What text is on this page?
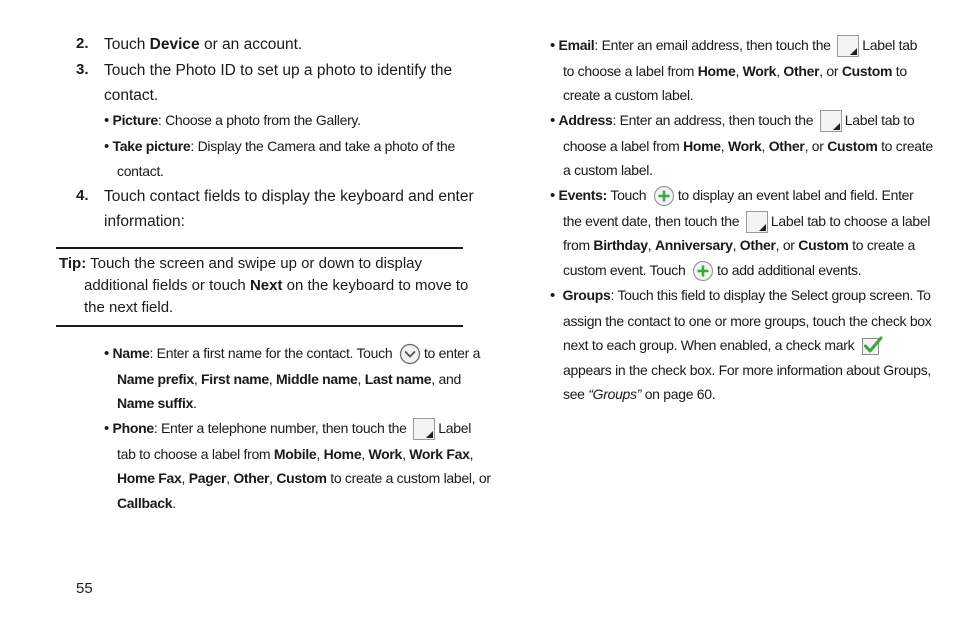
2. Touch Device or an account.
3. Touch the Photo ID to set up a photo to identify the
contact.
• Picture: Choose a photo from the Gallery.
• Take picture: Display the Camera and take a photo of the
contact.
4. Touch contact fields to display the keyboard and enter
information:
Tip: Touch the screen and swipe up or down to display
additional fields or touch Next on the keyboard to move to
the next field.
• Name: Enter a first name for the contact. Touch to enter a
Name prefix, First name, Middle name, Last name, and
Name suffix.
• Phone: Enter a telephone number, then touch the Label
tab to choose a label from Mobile, Home, Work, Work Fax,
Home Fax, Pager, Other, Custom to create a custom label, or
Callback.
• Email: Enter an email address, then touch the Label tab
to choose a label from Home, Work, Other, or Custom to
create a custom label.
• Address: Enter an address, then touch the Label tab to
choose a label from Home, Work, Other, or Custom to create
a custom label.
• Events: Touch to display an event label and field. Enter
the event date, then touch the Label tab to choose a label
from Birthday, Anniversary, Other, or Custom to create a
custom event. Touch to add additional events.
• Groups: Touch this field to display the Select group screen. To
assign the contact to one or more groups, touch the check box
next to each group. When enabled, a check mark
appears in the check box. For more information about Groups,
see “Groups” on page 60.
55
